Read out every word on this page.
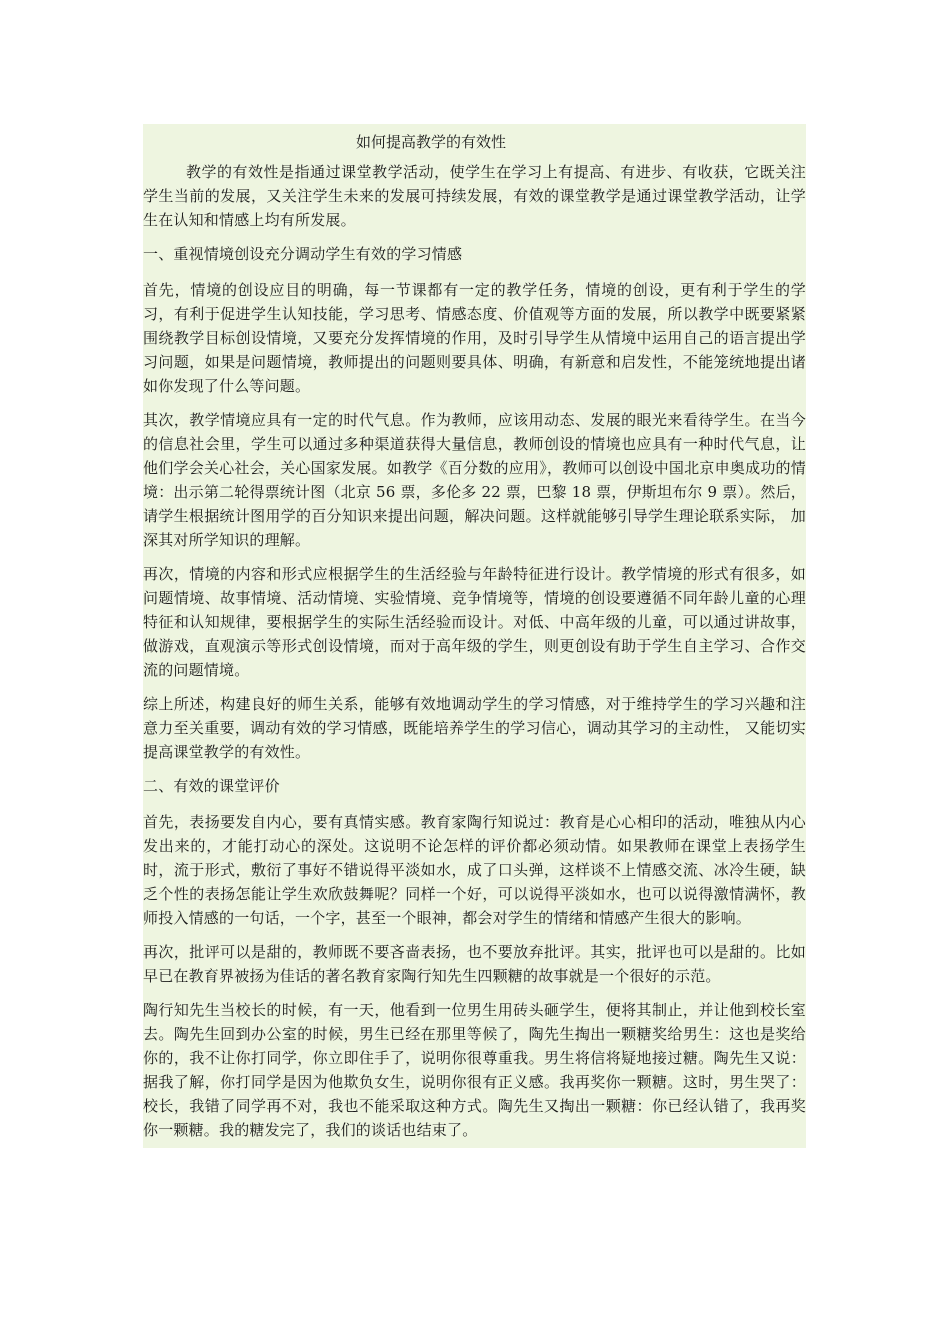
如何提高教学的有效性

教学的有效性是指通过课堂教学活动，使学生在学习上有提高、有进步、有收获，它既关注学生当前的发展，又关注学生未来的发展可持续发展，有效的课堂教学是通过课堂教学活动，让学生在认知和情感上均有所发展。

一、重视情境创设充分调动学生有效的学习情感

首先，情境的创设应目的明确，每一节课都有一定的教学任务，情境的创设，更有利于学生的学习，有利于促进学生认知技能，学习思考、情感态度、价值观等方面的发展，所以教学中既要紧紧围绕教学目标创设情境，又要充分发挥情境的作用，及时引导学生从情境中运用自己的语言提出学习问题，如果是问题情境，教师提出的问题则要具体、明确，有新意和启发性，不能笼统地提出诸如你发现了什么等问题。

其次，教学情境应具有一定的时代气息。作为教师，应该用动态、发展的眼光来看待学生。在当今的信息社会里，学生可以通过多种渠道获得大量信息，教师创设的情境也应具有一种时代气息，让他们学会关心社会，关心国家发展。如教学《百分数的应用》，教师可以创设中国北京申奥成功的情境：出示第二轮得票统计图（北京 56 票，多伦多 22 票，巴黎 18 票，伊斯坦布尔 9 票）。然后，请学生根据统计图用学的百分知识来提出问题，解决问题。这样就能够引导学生理论联系实际， 加深其对所学知识的理解。

再次，情境的内容和形式应根据学生的生活经验与年龄特征进行设计。教学情境的形式有很多，如问题情境、故事情境、活动情境、实验情境、竞争情境等，情境的创设要遵循不同年龄儿童的心理特征和认知规律，要根据学生的实际生活经验而设计。对低、中高年级的儿童，可以通过讲故事，做游戏，直观演示等形式创设情境，而对于高年级的学生，则更创设有助于学生自主学习、合作交流的问题情境。

综上所述，构建良好的师生关系，能够有效地调动学生的学习情感，对于维持学生的学习兴趣和注意力至关重要，调动有效的学习情感，既能培养学生的学习信心，调动其学习的主动性， 又能切实提高课堂教学的有效性。

二、有效的课堂评价

首先，表扬要发自内心，要有真情实感。教育家陶行知说过：教育是心心相印的活动，唯独从内心发出来的，才能打动心的深处。这说明不论怎样的评价都必须动情。如果教师在课堂上表扬学生时，流于形式，敷衍了事好不错说得平淡如水，成了口头弹，这样谈不上情感交流、冰冷生硬，缺乏个性的表扬怎能让学生欢欣鼓舞呢？同样一个好，可以说得平淡如水，也可以说得激情满怀，教师投入情感的一句话，一个字，甚至一个眼神，都会对学生的情绪和情感产生很大的影响。

再次，批评可以是甜的，教师既不要吝啬表扬，也不要放弃批评。其实，批评也可以是甜的。比如早已在教育界被扬为佳话的著名教育家陶行知先生四颗糖的故事就是一个很好的示范。

陶行知先生当校长的时候，有一天，他看到一位男生用砖头砸学生，便将其制止，并让他到校长室去。陶先生回到办公室的时候，男生已经在那里等候了，陶先生掏出一颗糖奖给男生：这也是奖给你的，我不让你打同学，你立即住手了，说明你很尊重我。男生将信将疑地接过糖。陶先生又说：据我了解，你打同学是因为他欺负女生，说明你很有正义感。我再奖你一颗糖。这时，男生哭了：校长，我错了同学再不对，我也不能采取这种方式。陶先生又掏出一颗糖：你已经认错了，我再奖你一颗糖。我的糖发完了，我们的谈话也结束了。
